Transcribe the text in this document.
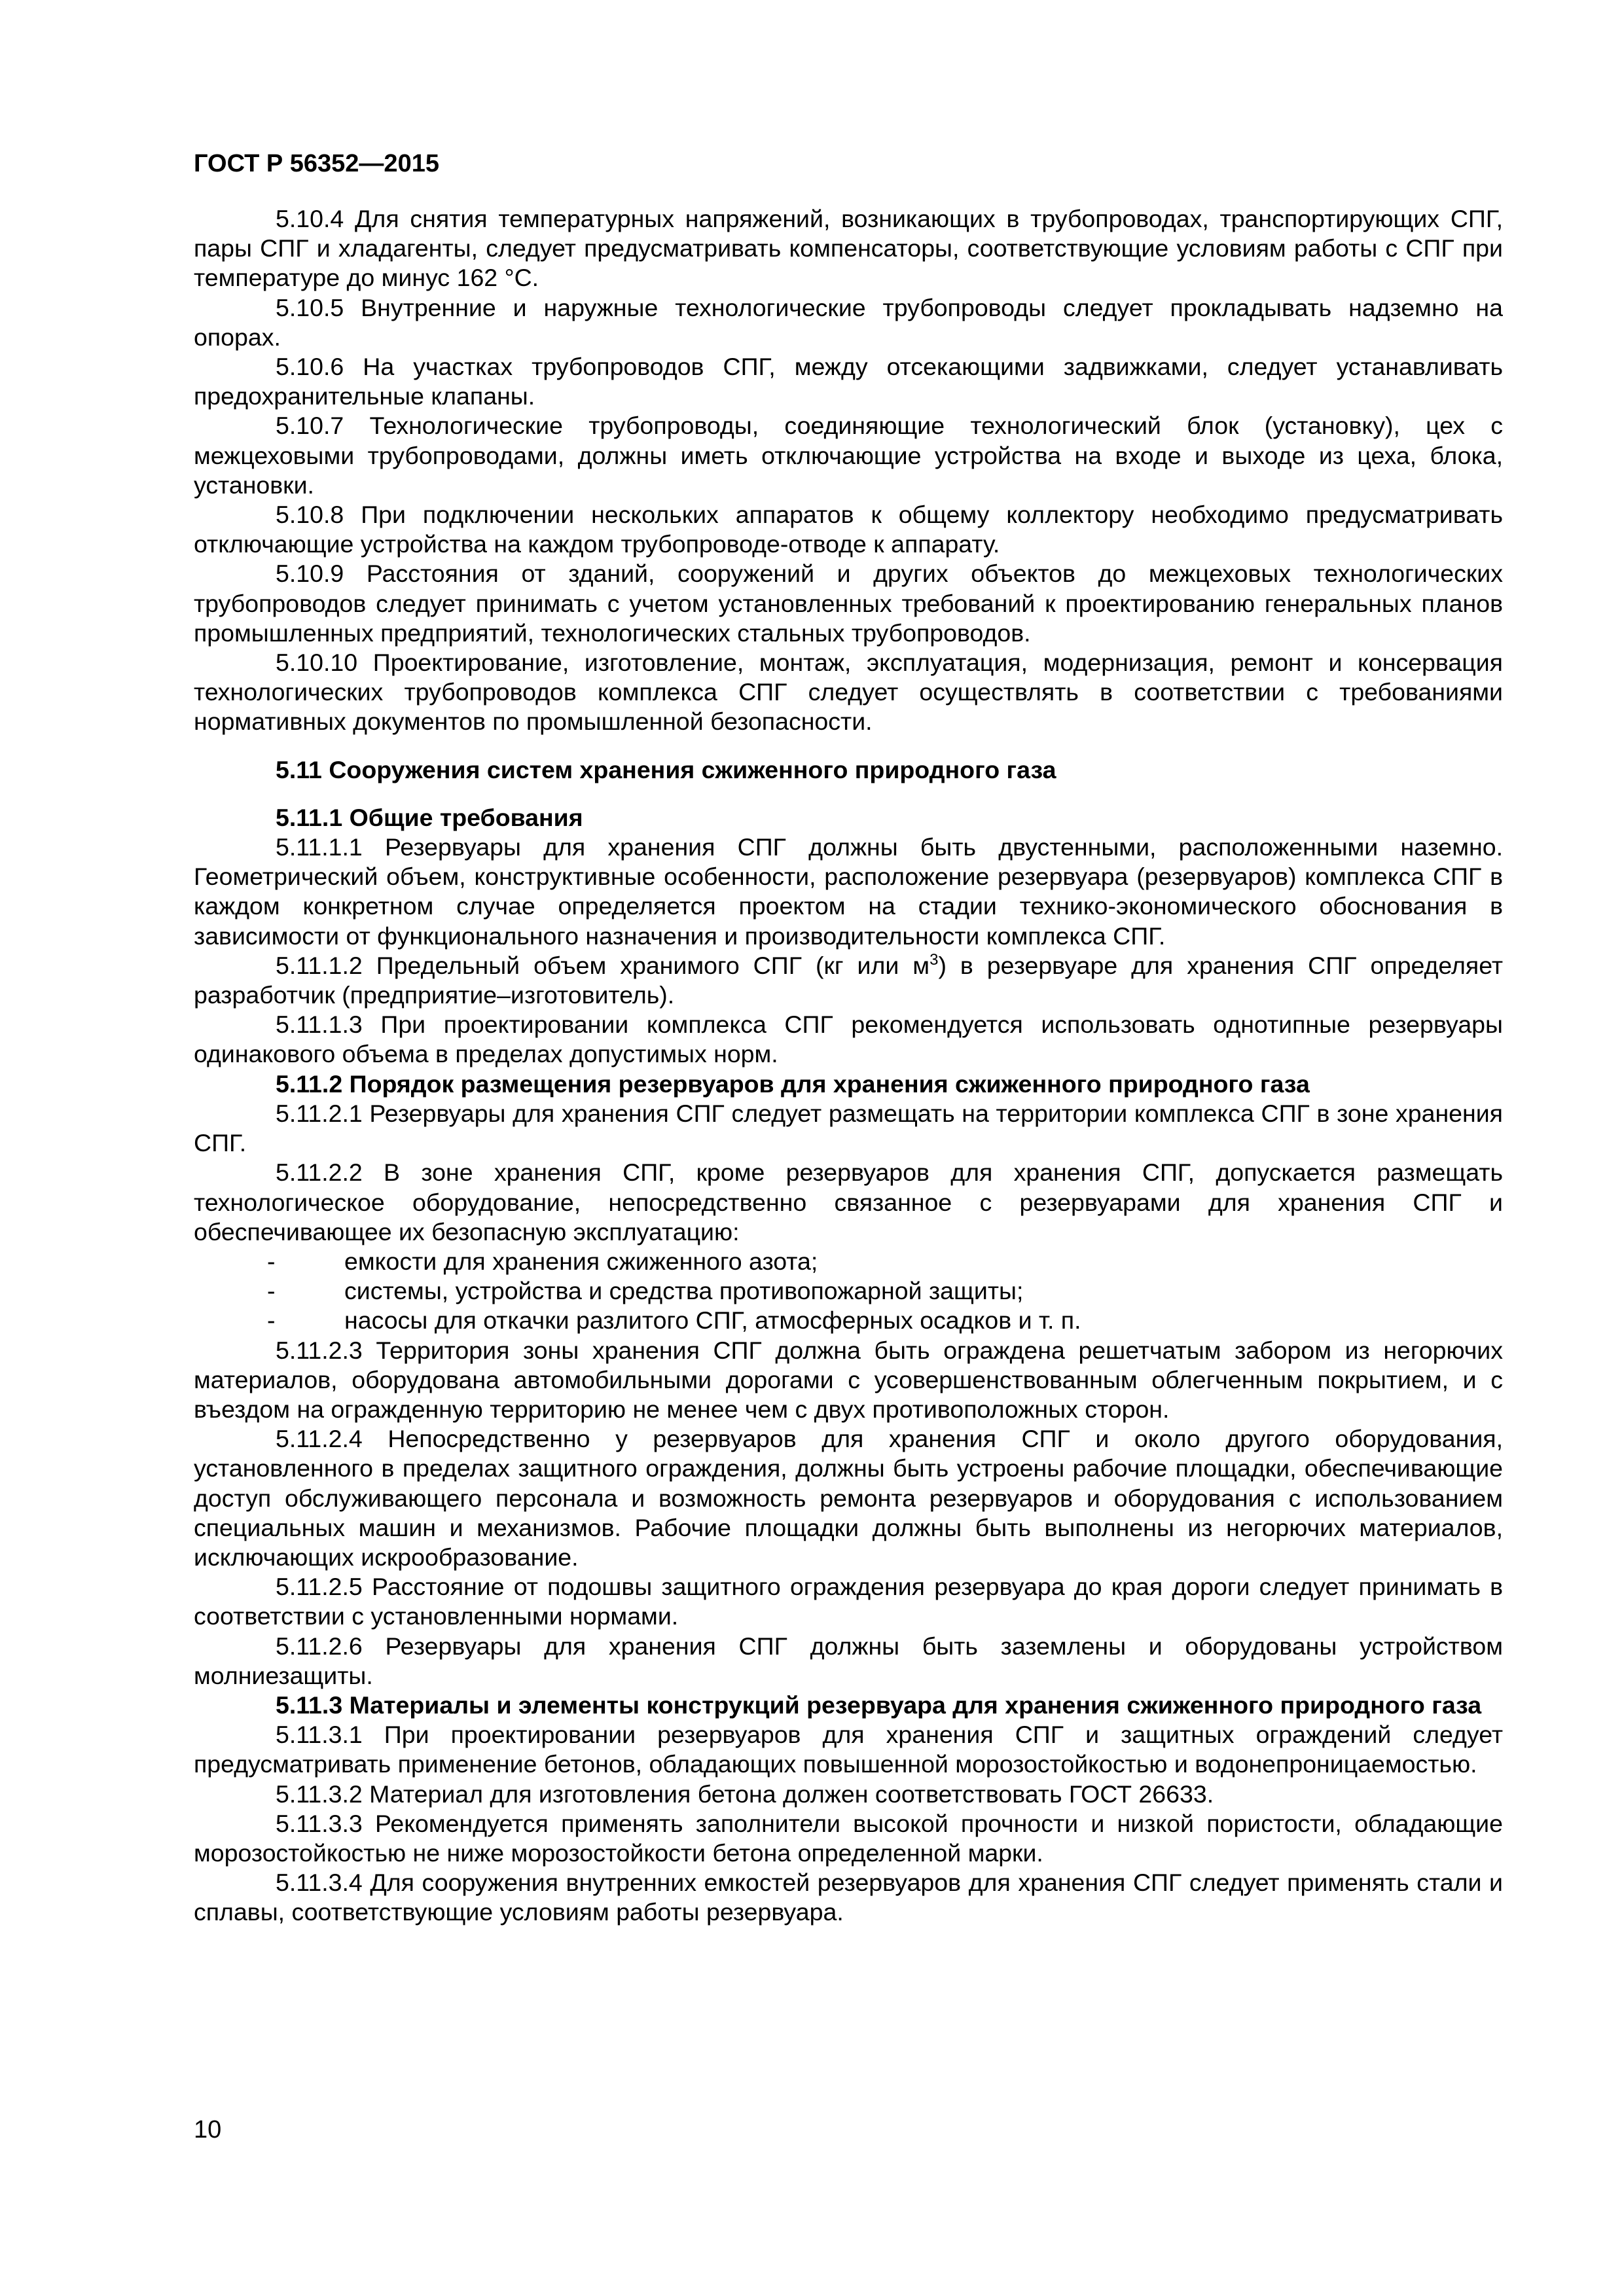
ГОСТ Р 56352—2015

5.10.4 Для снятия температурных напряжений, возникающих в трубопроводах, транспортирующих СПГ, пары СПГ и хладагенты, следует предусматривать компенсаторы, соответствующие условиям работы с СПГ при температуре до минус 162 °С.

5.10.5 Внутренние и наружные технологические трубопроводы следует прокладывать надземно на опорах.

5.10.6 На участках трубопроводов СПГ, между отсекающими задвижками, следует устанавливать предохранительные клапаны.

5.10.7 Технологические трубопроводы, соединяющие технологический блок (установку), цех с межцеховыми трубопроводами, должны иметь отключающие устройства на входе и выходе из цеха, блока, установки.

5.10.8 При подключении нескольких аппаратов к общему коллектору необходимо предусматривать отключающие устройства на каждом трубопроводе-отводе к аппарату.

5.10.9 Расстояния от зданий, сооружений и других объектов до межцеховых технологических трубопроводов следует принимать с учетом установленных требований к проектированию генеральных планов промышленных предприятий, технологических стальных трубопроводов.

5.10.10 Проектирование, изготовление, монтаж, эксплуатация, модернизация, ремонт и консервация технологических трубопроводов комплекса СПГ следует осуществлять в соответствии с требованиями нормативных документов по промышленной безопасности.

5.11 Сооружения систем хранения сжиженного природного газа

5.11.1 Общие требования

5.11.1.1 Резервуары для хранения СПГ должны быть двустенными, расположенными наземно. Геометрический объем, конструктивные особенности, расположение резервуара (резервуаров) комплекса СПГ в каждом конкретном случае определяется проектом на стадии технико-экономического обоснования в зависимости от функционального назначения и производительности комплекса СПГ.

5.11.1.2 Предельный объем хранимого СПГ (кг или $м^3$) в резервуаре для хранения СПГ определяет разработчик (предприятие–изготовитель).

5.11.1.3 При проектировании комплекса СПГ рекомендуется использовать однотипные резервуары одинакового объема в пределах допустимых норм.

5.11.2 Порядок размещения резервуаров для хранения сжиженного природного газа

5.11.2.1 Резервуары для хранения СПГ следует размещать на территории комплекса СПГ в зоне хранения СПГ.

5.11.2.2 В зоне хранения СПГ, кроме резервуаров для хранения СПГ, допускается размещать технологическое оборудование, непосредственно связанное с резервуарами для хранения СПГ и обеспечивающее их безопасную эксплуатацию:

-	емкости для хранения сжиженного азота;

-	системы, устройства и средства противопожарной защиты;

-	насосы для откачки разлитого СПГ, атмосферных осадков и т. п.

5.11.2.3 Территория зоны хранения СПГ должна быть ограждена решетчатым забором из негорючих материалов, оборудована автомобильными дорогами с усовершенствованным облегченным покрытием, и с въездом на огражденную территорию не менее чем с двух противоположных сторон.

5.11.2.4 Непосредственно у резервуаров для хранения СПГ и около другого оборудования, установленного в пределах защитного ограждения, должны быть устроены рабочие площадки, обеспечивающие доступ обслуживающего персонала и возможность ремонта резервуаров и оборудования с использованием специальных машин и механизмов. Рабочие площадки должны быть выполнены из негорючих материалов, исключающих искрообразование.

5.11.2.5 Расстояние от подошвы защитного ограждения резервуара до края дороги следует принимать в соответствии с установленными нормами.

5.11.2.6 Резервуары для хранения СПГ должны быть заземлены и оборудованы устройством молниезащиты.

5.11.3 Материалы и элементы конструкций резервуара для хранения сжиженного природного газа

5.11.3.1 При проектировании резервуаров для хранения СПГ и защитных ограждений следует предусматривать применение бетонов, обладающих повышенной морозостойкостью и водонепроницаемостью.

5.11.3.2 Материал для изготовления бетона должен соответствовать ГОСТ 26633.

5.11.3.3 Рекомендуется применять заполнители высокой прочности и низкой пористости, обладающие морозостойкостью не ниже морозостойкости бетона определенной марки.

5.11.3.4 Для сооружения внутренних емкостей резервуаров для хранения СПГ следует применять стали и сплавы, соответствующие условиям работы резервуара.

10
